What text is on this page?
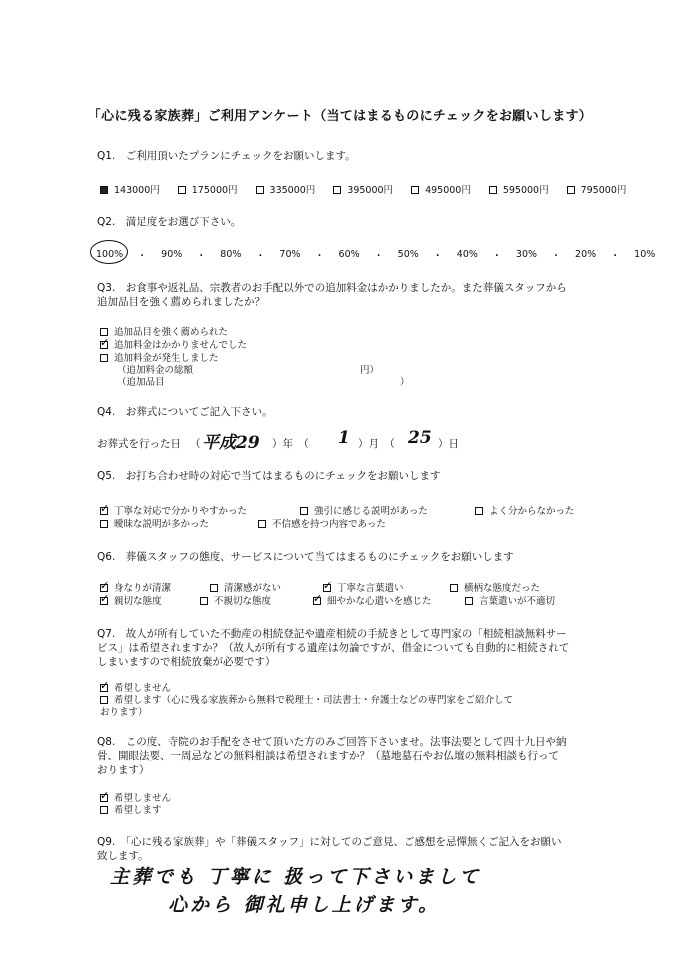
「心に残る家族葬」ご利用アンケート（当てはまるものにチェックをお願いします）
Q1.　ご利用頂いたプランにチェックをお願いします。
143000円	175000円	335000円	395000円	495000円	595000円	795000円
Q2.　満足度をお選び下さい。
100% ・ 90% ・ 80% ・ 70% ・ 60% ・ 50% ・ 40% ・ 30% ・ 20% ・ 10%
Q3.　お食事や返礼品、宗教者のお手配以外での追加料金はかかりましたか。また葬儀スタッフから
追加品目を強く薦められましたか？
追加品目を強く薦められた
✓追加料金はかかりませんでした
追加料金が発生しました
（追加料金の総額	円）
（追加品目	）
Q4.　お葬式についてご記入下さい。
お葬式を行った日 （ 平成29 ）年　（ 1 ）月　（ 25 ）日
Q5.　お打ち合わせ時の対応で当てはまるものにチェックをお願いします
✓丁寧な対応で分かりやすかった	強引に感じる説明があった	よく分からなかった
曖昧な説明が多かった	不信感を持つ内容であった
Q6.　葬儀スタッフの態度、サービスについて当てはまるものにチェックをお願いします
✓身なりが清潔	清潔感がない ✓	丁寧な言葉遣い	横柄な態度だった
✓親切な態度	不親切な態度 ✓	細やかな心遣いを感じた	言葉遣いが不適切
Q7.　故人が所有していた不動産の相続登記や遺産相続の手続きとして専門家の「相続相談無料サー
ビス」は希望されますか？（故人が所有する遺産は勿論ですが、借金についても自動的に相続されて
しまいますので相続放棄が必要です）
✓希望しません
希望します（心に残る家族葬から無料で税理士・司法書士・弁護士などの専門家をご紹介して
おります）
Q8.　この度、寺院のお手配をさせて頂いた方のみご回答下さいませ。法事法要として四十九日や納
骨、開眼法要、一周忌などの無料相談は希望されますか？（墓地墓石やお仏壇の無料相談も行って
おります）
✓希望しません
希望します
Q9.　「心に残る家族葬」や「葬儀スタッフ」に対してのご意見、ご感想を忌憚無くご記入をお願い
致します。
主葬でも 丁寧に 扱って下さいまして
心から 御礼申し上げます。
